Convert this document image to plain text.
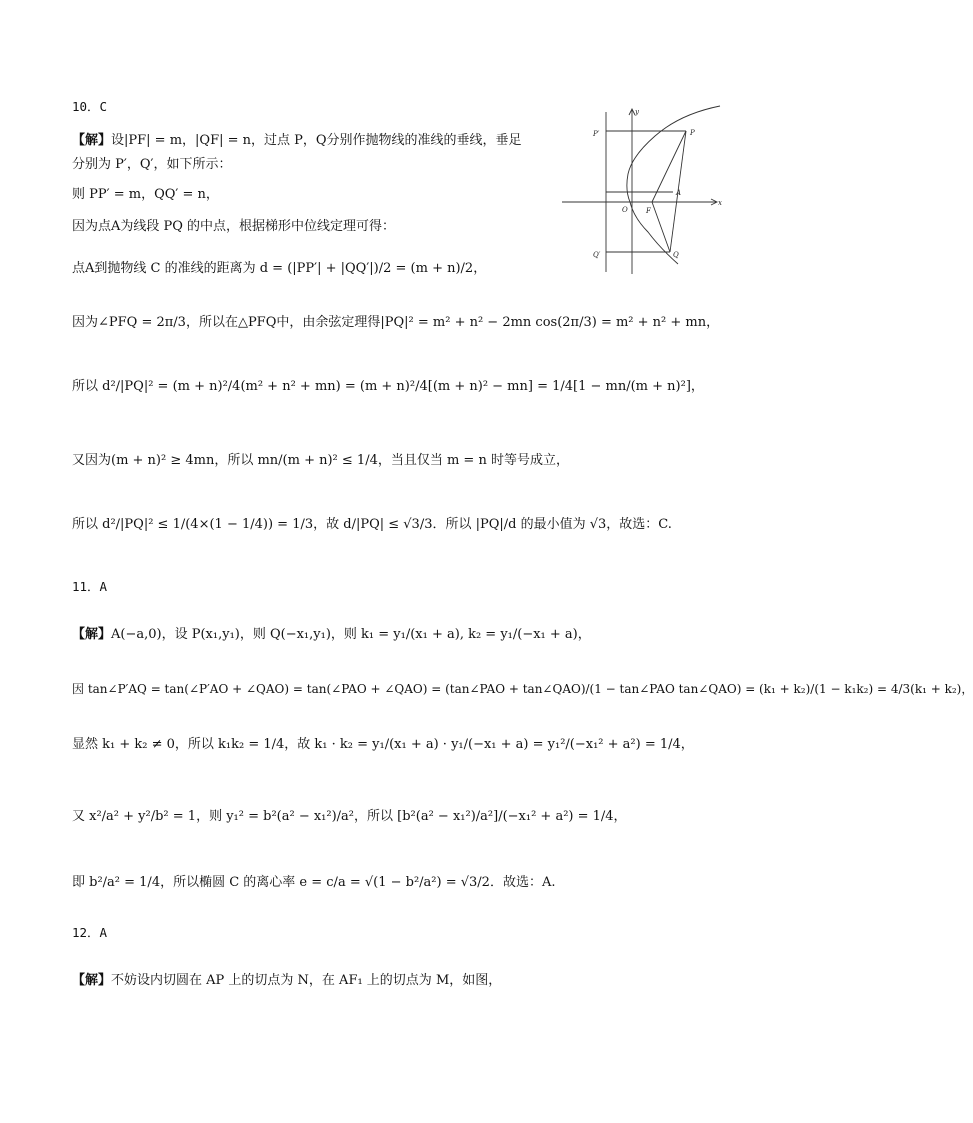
10．C
【解】设|PF| = m，|QF| = n，过点 P，Q分别作抛物线的准线的垂线，垂足
分别为 P′，Q′，如下所示：
则 PP′ = m，QQ′ = n，
因为点A为线段 PQ 的中点，根据梯形中位线定理可得：
点A到抛物线 C 的准线的距离为 d = (|PP′| + |QQ′|)/2 = (m + n)/2，
因为∠PFQ = 2π/3，所以在△PFQ中，由余弦定理得|PQ|² = m² + n² − 2mn cos(2π/3) = m² + n² + mn，
所以 d²/|PQ|² = (m + n)²/4(m² + n² + mn) = (m + n)²/4[(m + n)² − mn] = 1/4[1 − mn/(m + n)²]，
又因为(m + n)² ≥ 4mn，所以 mn/(m + n)² ≤ 1/4，当且仅当 m = n 时等号成立，
所以 d²/|PQ|² ≤ 1/(4×(1 − 1/4)) = 1/3，故 d/|PQ| ≤ √3/3．所以 |PQ|/d 的最小值为 √3，故选：C.
y
x
P′	P
A
O	F
Q′	Q
11．A
【解】A(−a,0)，设 P(x₁,y₁)，则 Q(−x₁,y₁)，则 k₁ = y₁/(x₁ + a), k₂ = y₁/(−x₁ + a)，
因 tan∠P′AQ = tan(∠P′AO + ∠QAO) = tan(∠PAO + ∠QAO) = (tan∠PAO + tan∠QAO)/(1 − tan∠PAO tan∠QAO) = (k₁ + k₂)/(1 − k₁k₂) = 4/3(k₁ + k₂)，
显然 k₁ + k₂ ≠ 0，所以 k₁k₂ = 1/4，故 k₁ · k₂ = y₁/(x₁ + a) · y₁/(−x₁ + a) = y₁²/(−x₁² + a²) = 1/4，
又 x²/a² + y²/b² = 1，则 y₁² = b²(a² − x₁²)/a²，所以 [b²(a² − x₁²)/a²]/(−x₁² + a²) = 1/4，
即 b²/a² = 1/4，所以椭圆 C 的离心率 e = c/a = √(1 − b²/a²) = √3/2．故选：A.
12．A
【解】不妨设内切圆在 AP 上的切点为 N，在 AF₁ 上的切点为 M，如图，
